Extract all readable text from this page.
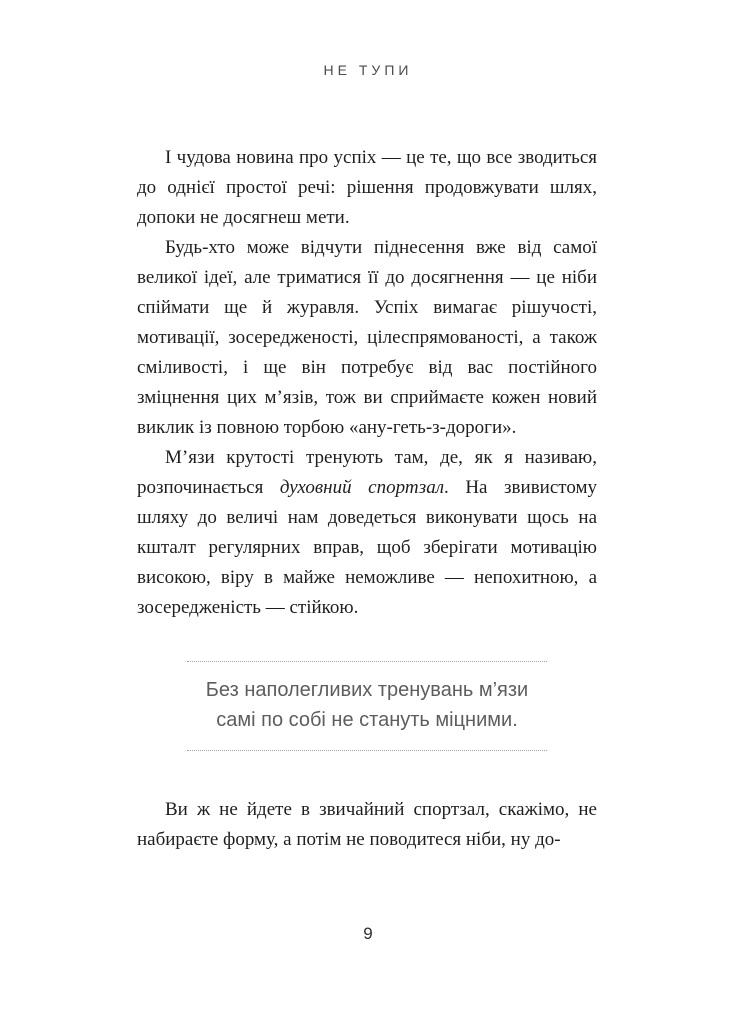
НЕ ТУПИ

І чудова новина про успіх — це те, що все зводиться до однієї простої речі: рішення продовжувати шлях, допоки не досягнеш мети.

Будь-хто може відчути піднесення вже від самої великої ідеї, але триматися її до досягнення — це ніби спіймати ще й журавля. Успіх вимагає рішучості, мотивації, зосередженості, цілеспрямованості, а також сміливості, і ще він потребує від вас постійного зміцнення цих м’язів, тож ви сприймаєте кожен новий виклик із повною торбою «ану-геть-з-дороги».

М’язи крутості тренують там, де, як я називаю, розпочинається духовний спортзал. На звивистому шляху до величі нам доведеться виконувати щось на кшталт регулярних вправ, щоб зберігати мотивацію високою, віру в майже неможливе — непохитною, а зосередженість — стійкою.

Без наполегливих тренувань м’язи
самі по собі не стануть міцними.

Ви ж не йдете в звичайний спортзал, скажімо, не набираєте форму, а потім не поводитеся ніби, ну до-

9
